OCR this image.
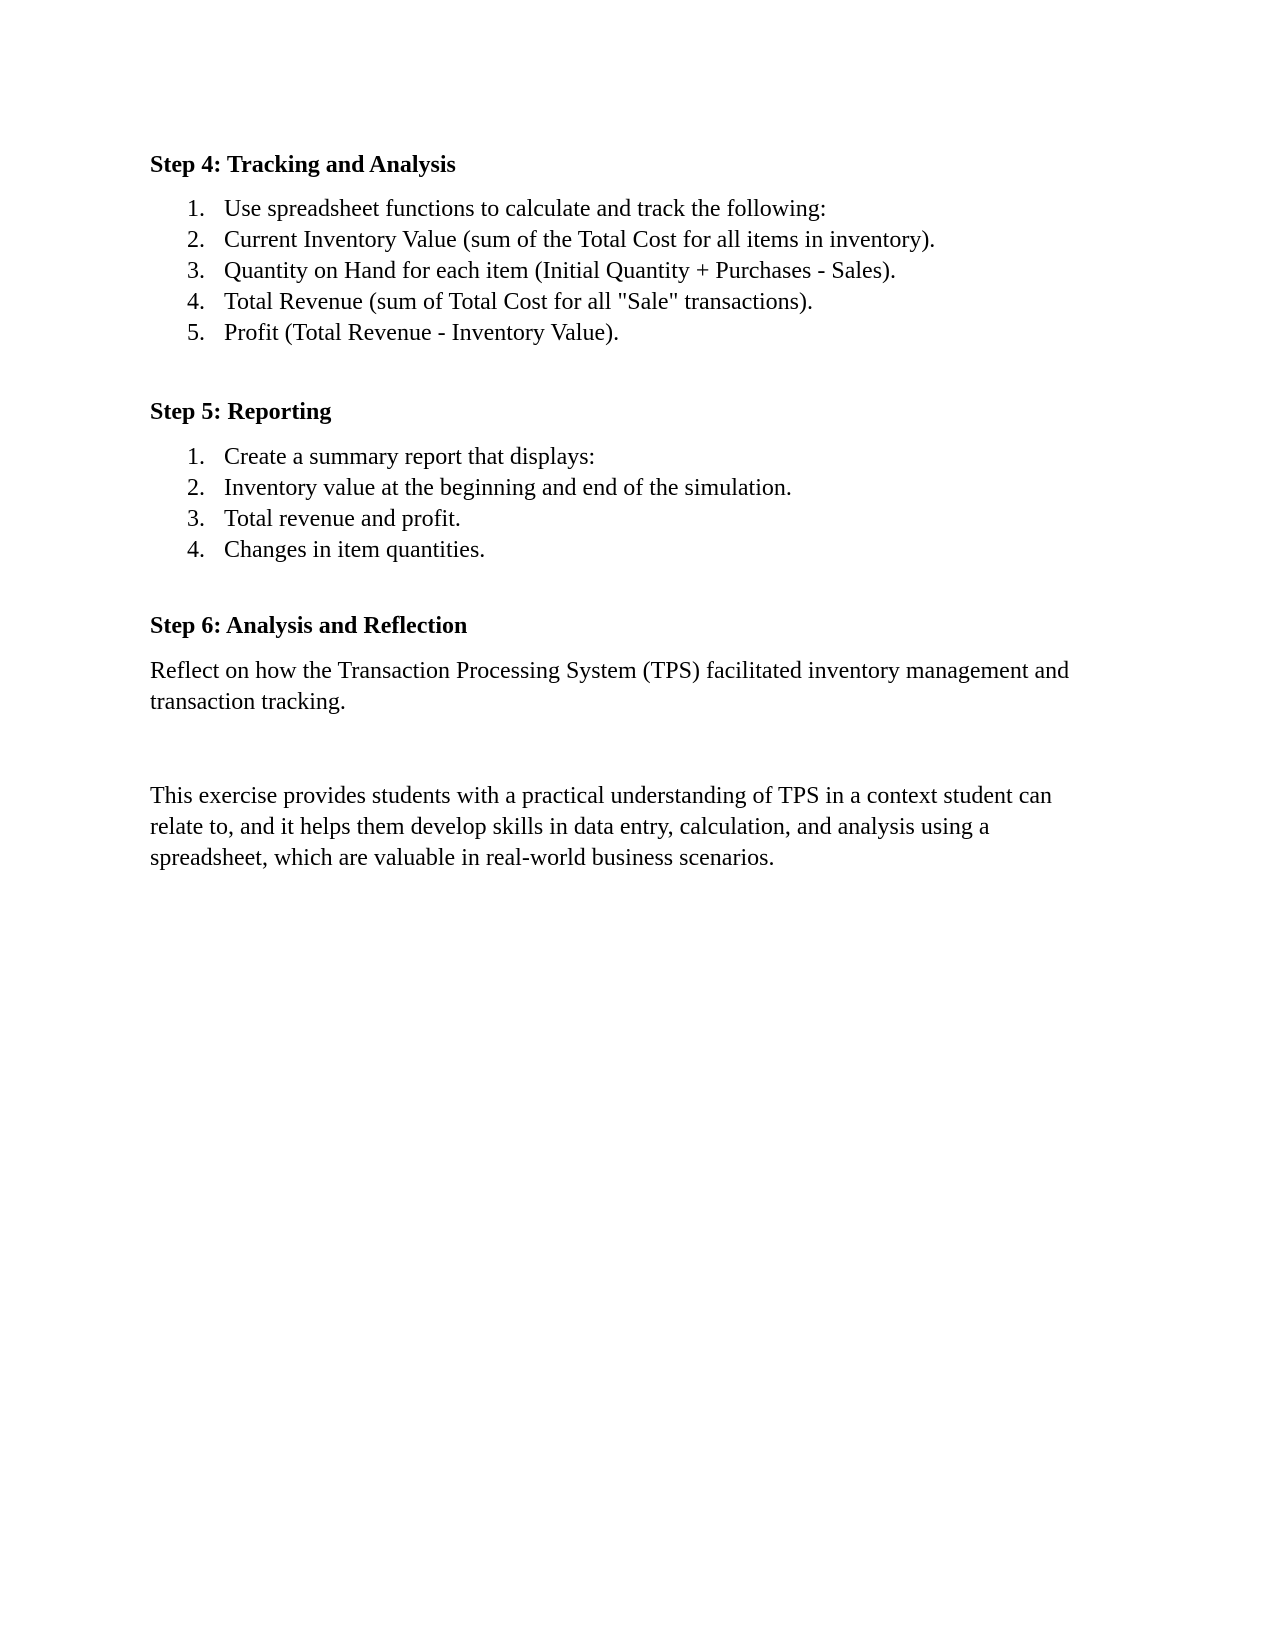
Step 4: Tracking and Analysis
1. Use spreadsheet functions to calculate and track the following:
2. Current Inventory Value (sum of the Total Cost for all items in inventory).
3. Quantity on Hand for each item (Initial Quantity + Purchases - Sales).
4. Total Revenue (sum of Total Cost for all "Sale" transactions).
5. Profit (Total Revenue - Inventory Value).
Step 5: Reporting
1. Create a summary report that displays:
2. Inventory value at the beginning and end of the simulation.
3. Total revenue and profit.
4. Changes in item quantities.
Step 6: Analysis and Reflection

Reflect on how the Transaction Processing System (TPS) facilitated inventory management and transaction tracking.

This exercise provides students with a practical understanding of TPS in a context student can relate to, and it helps them develop skills in data entry, calculation, and analysis using a spreadsheet, which are valuable in real-world business scenarios.
